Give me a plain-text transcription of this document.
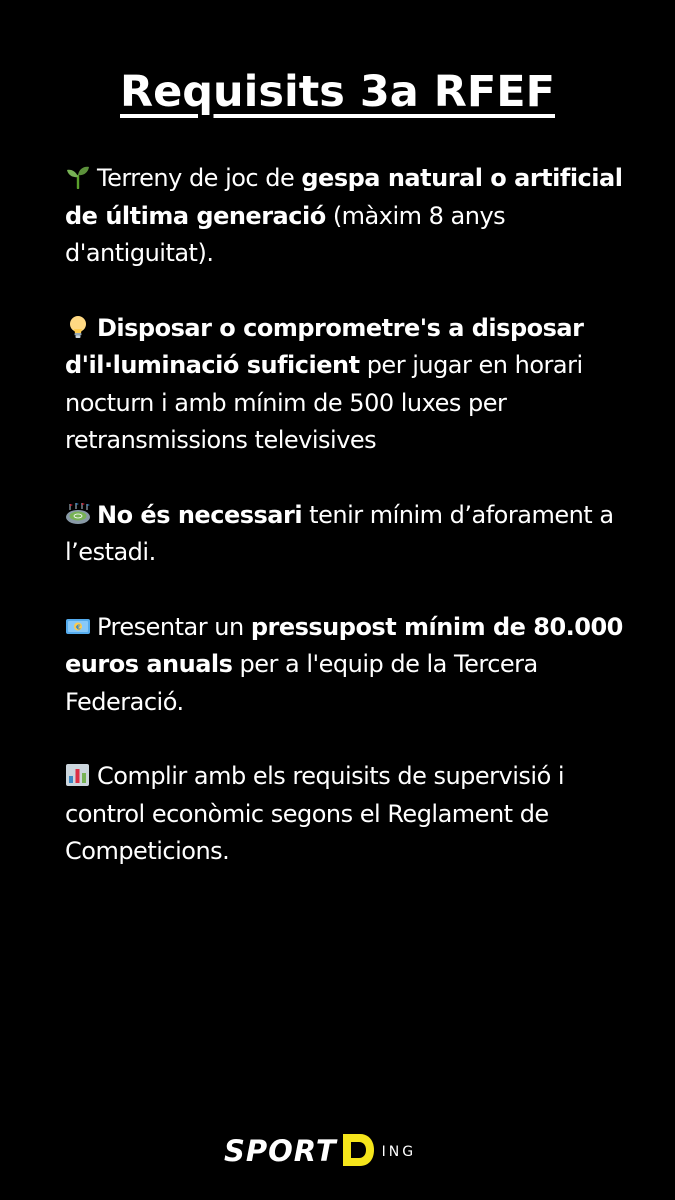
Requisits 3a RFEF

Terreny de joc de gespa natural o artificial de última generació (màxim 8 anys d'antiguitat).

Disposar o comprometre's a disposar d'il·luminació suficient per jugar en horari nocturn i amb mínim de 500 luxes per retransmissions televisives

No és necessari tenir mínim d’aforament a l’estadi.

€ Presentar un pressupost mínim de 80.000 euros anuals per a l'equip de la Tercera Federació.

Complir amb els requisits de supervisió i control econòmic segons el Reglament de Competicions.

SPORT	ING
